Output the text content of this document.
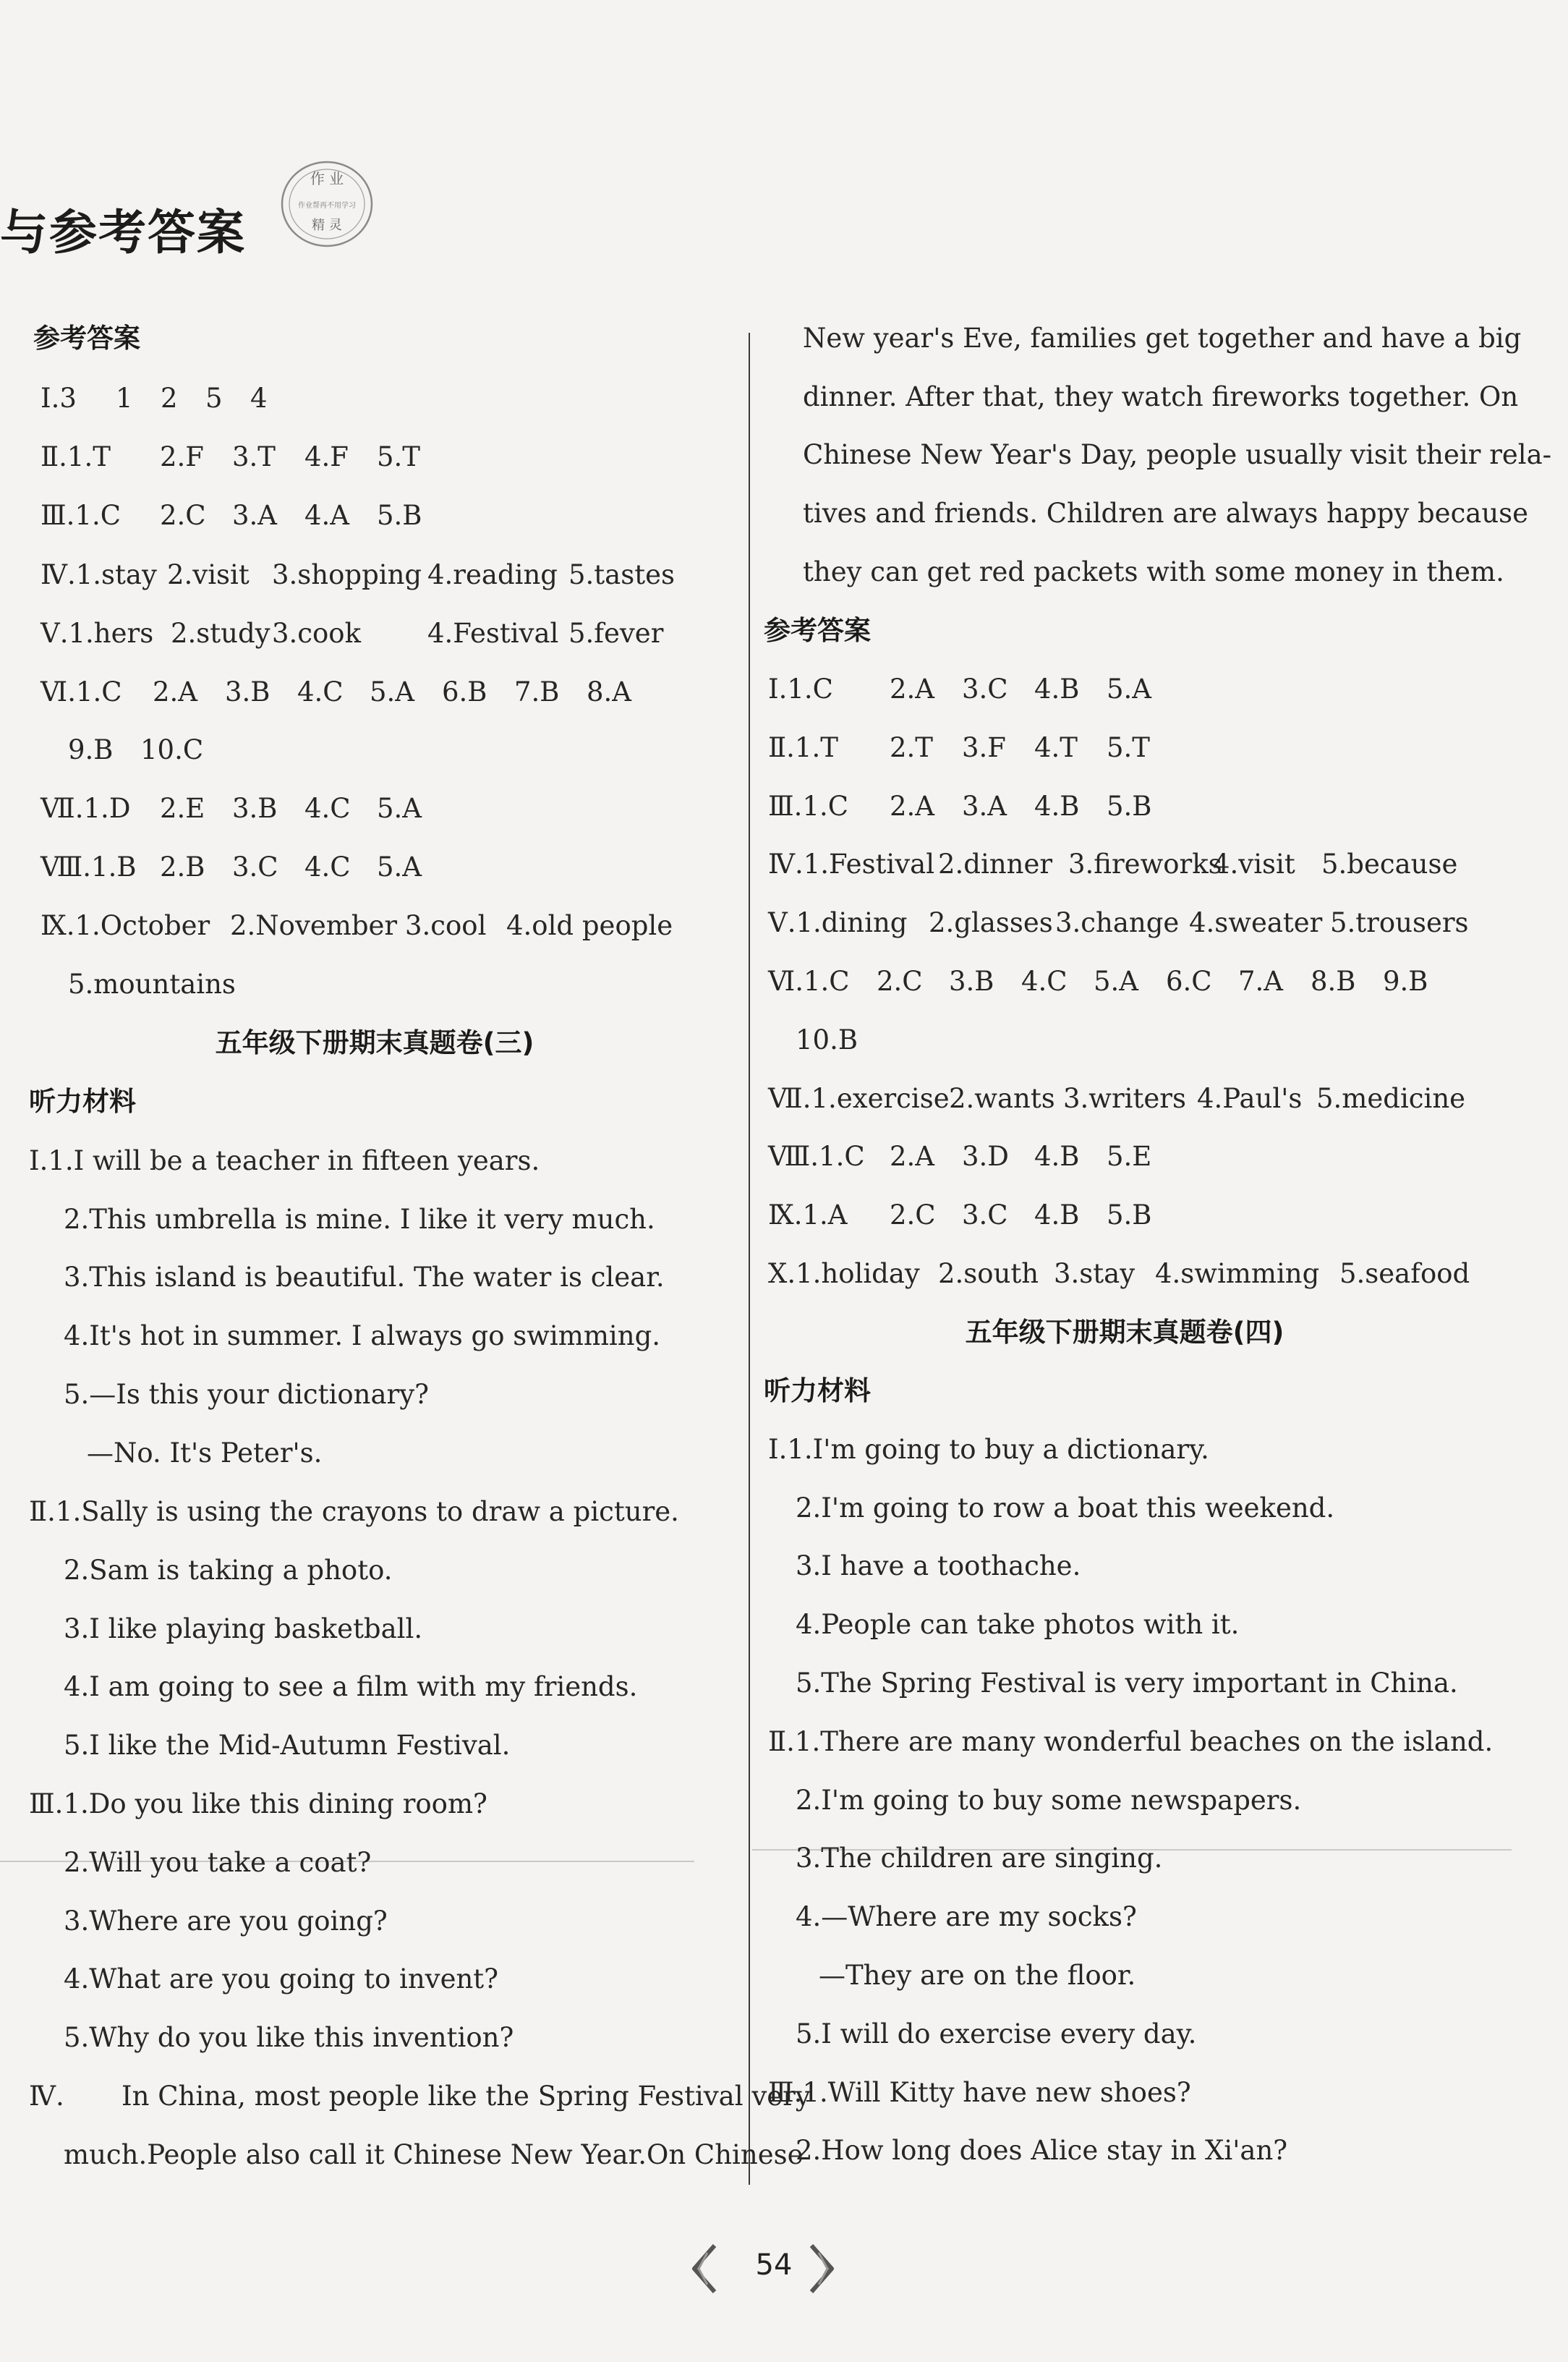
与参考答案
作 业
作业帮再不用学习
精 灵
参考答案
Ⅰ.3 1 2 5 4
Ⅱ.1.T 2.F 3.T 4.F 5.T
Ⅲ.1.C 2.C 3.A 4.A 5.B
Ⅳ.1.stay 2.visit 3.shopping 4.reading 5.tastes
Ⅴ.1.hers 2.study3.cook 4.Festival 5.fever
Ⅵ.1.C 2.A 3.B 4.C 5.A 6.B 7.B 8.A
9.B 10.C
Ⅶ.1.D 2.E 3.B 4.C 5.A
Ⅷ.1.B 2.B 3.C 4.C 5.A
Ⅸ.1.October 2.November 3.cool 4.old people
5.mountains
五年级下册期末真题卷(三)
听力材料
Ⅰ.1.I will be a teacher in fifteen years.
2.This umbrella is mine. I like it very much.
3.This island is beautiful. The water is clear.
4.It's hot in summer. I always go swimming.
5.—Is this your dictionary?
—No. It's Peter's.
Ⅱ.1.Sally is using the crayons to draw a picture.
2.Sam is taking a photo.
3.I like playing basketball.
4.I am going to see a film with my friends.
5.I like the Mid-Autumn Festival.
Ⅲ.1.Do you like this dining room?
2.Will you take a coat?
3.Where are you going?
4.What are you going to invent?
5.Why do you like this invention?
Ⅳ. In China, most people like the Spring Festival very
much.People also call it Chinese New Year.On Chinese
New year's Eve, families get together and have a big
dinner. After that, they watch fireworks together. On
Chinese New Year's Day, people usually visit their rela-
tives and friends. Children are always happy because
they can get red packets with some money in them.
参考答案
Ⅰ.1.C 2.A 3.C 4.B 5.A
Ⅱ.1.T 2.T 3.F 4.T 5.T
Ⅲ.1.C 2.A 3.A 4.B 5.B
Ⅳ.1.Festival 2.dinner 3.fireworks4.visit 5.because
Ⅴ.1.dining 2.glasses3.change 4.sweater 5.trousers
Ⅵ.1.C 2.C 3.B 4.C 5.A 6.C 7.A 8.B 9.B
10.B
Ⅶ.1.exercise2.wants 3.writers 4.Paul's 5.medicine
Ⅷ.1.C 2.A 3.D 4.B 5.E
Ⅸ.1.A 2.C 3.C 4.B 5.B
Ⅹ.1.holiday 2.south 3.stay 4.swimming 5.seafood
五年级下册期末真题卷(四)
听力材料
Ⅰ.1.I'm going to buy a dictionary.
2.I'm going to row a boat this weekend.
3.I have a toothache.
4.People can take photos with it.
5.The Spring Festival is very important in China.
Ⅱ.1.There are many wonderful beaches on the island.
2.I'm going to buy some newspapers.
3.The children are singing.
4.—Where are my socks?
—They are on the floor.
5.I will do exercise every day.
Ⅲ.1.Will Kitty have new shoes?
2.How long does Alice stay in Xi'an?
54
